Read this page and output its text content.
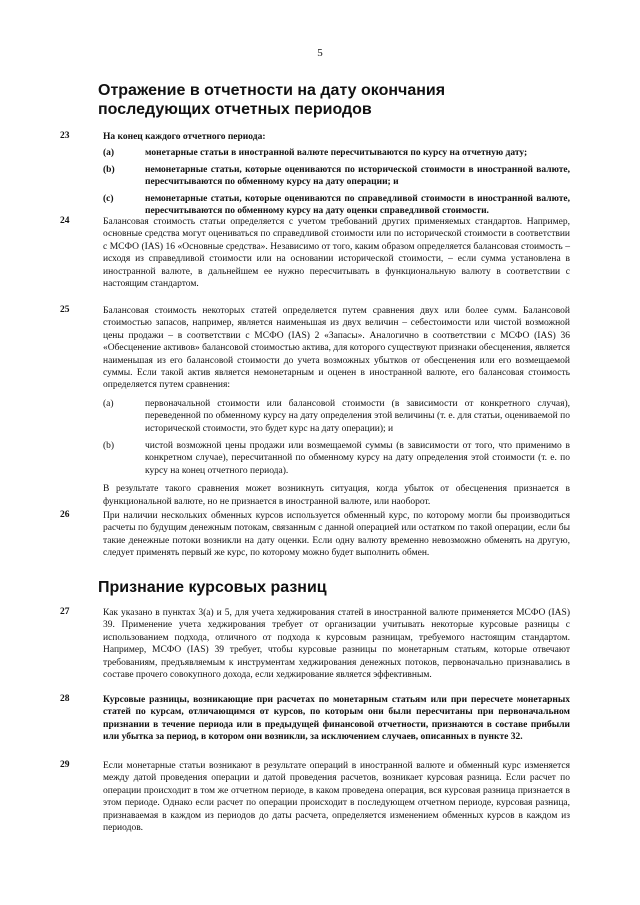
5
Отражение в отчетности на дату окончания последующих отчетных периодов
23	На конец каждого отчетного периода:
(a)	монетарные статьи в иностранной валюте пересчитываются по курсу на отчетную дату;
(b)	немонетарные статьи, которые оцениваются по исторической стоимости в иностранной валюте, пересчитываются по обменному курсу на дату операции; и
(c)	немонетарные статьи, которые оцениваются по справедливой стоимости в иностранной валюте, пересчитываются по обменному курсу на дату оценки справедливой стоимости.
24	Балансовая стоимость статьи определяется с учетом требований других применяемых стандартов. Например, основные средства могут оцениваться по справедливой стоимости или по исторической стоимости в соответствии с МСФО (IAS) 16 «Основные средства». Независимо от того, каким образом определяется балансовая стоимость – исходя из справедливой стоимости или на основании исторической стоимости, – если сумма установлена в иностранной валюте, в дальнейшем ее нужно пересчитывать в функциональную валюту в соответствии с настоящим стандартом.
25	Балансовая стоимость некоторых статей определяется путем сравнения двух или более сумм. Балансовой стоимостью запасов, например, является наименьшая из двух величин – себестоимости или чистой возможной цены продажи – в соответствии с МСФО (IAS) 2 «Запасы». Аналогично в соответствии с МСФО (IAS) 36 «Обесценение активов» балансовой стоимостью актива, для которого существуют признаки обесценения, является наименьшая из его балансовой стоимости до учета возможных убытков от обесценения или его возмещаемой суммы. Если такой актив является немонетарным и оценен в иностранной валюте, его балансовая стоимость определяется путем сравнения:
(a)	первоначальной стоимости или балансовой стоимости (в зависимости от конкретного случая), переведенной по обменному курсу на дату определения этой величины (т. е. для статьи, оцениваемой по исторической стоимости, это будет курс на дату операции); и
(b)	чистой возможной цены продажи или возмещаемой суммы (в зависимости от того, что применимо в конкретном случае), пересчитанной по обменному курсу на дату определения этой стоимости (т. е. по курсу на конец отчетного периода).
В результате такого сравнения может возникнуть ситуация, когда убыток от обесценения признается в функциональной валюте, но не признается в иностранной валюте, или наоборот.
26	При наличии нескольких обменных курсов используется обменный курс, по которому могли бы производиться расчеты по будущим денежным потокам, связанным с данной операцией или остатком по такой операции, если бы такие денежные потоки возникли на дату оценки. Если одну валюту временно невозможно обменять на другую, следует применять первый же курс, по которому можно будет выполнить обмен.
Признание курсовых разниц
27	Как указано в пунктах 3(а) и 5, для учета хеджирования статей в иностранной валюте применяется МСФО (IAS) 39. Применение учета хеджирования требует от организации учитывать некоторые курсовые разницы с использованием подхода, отличного от подхода к курсовым разницам, требуемого настоящим стандартом. Например, МСФО (IAS) 39 требует, чтобы курсовые разницы по монетарным статьям, которые отвечают требованиям, предъявляемым к инструментам хеджирования денежных потоков, первоначально признавались в составе прочего совокупного дохода, если хеджирование является эффективным.
28	Курсовые разницы, возникающие при расчетах по монетарным статьям или при пересчете монетарных статей по курсам, отличающимся от курсов, по которым они были пересчитаны при первоначальном признании в течение периода или в предыдущей финансовой отчетности, признаются в составе прибыли или убытка за период, в котором они возникли, за исключением случаев, описанных в пункте 32.
29	Если монетарные статьи возникают в результате операций в иностранной валюте и обменный курс изменяется между датой проведения операции и датой проведения расчетов, возникает курсовая разница. Если расчет по операции происходит в том же отчетном периоде, в каком проведена операция, вся курсовая разница признается в этом периоде. Однако если расчет по операции происходит в последующем отчетном периоде, курсовая разница, признаваемая в каждом из периодов до даты расчета, определяется изменением обменных курсов в каждом из периодов.
